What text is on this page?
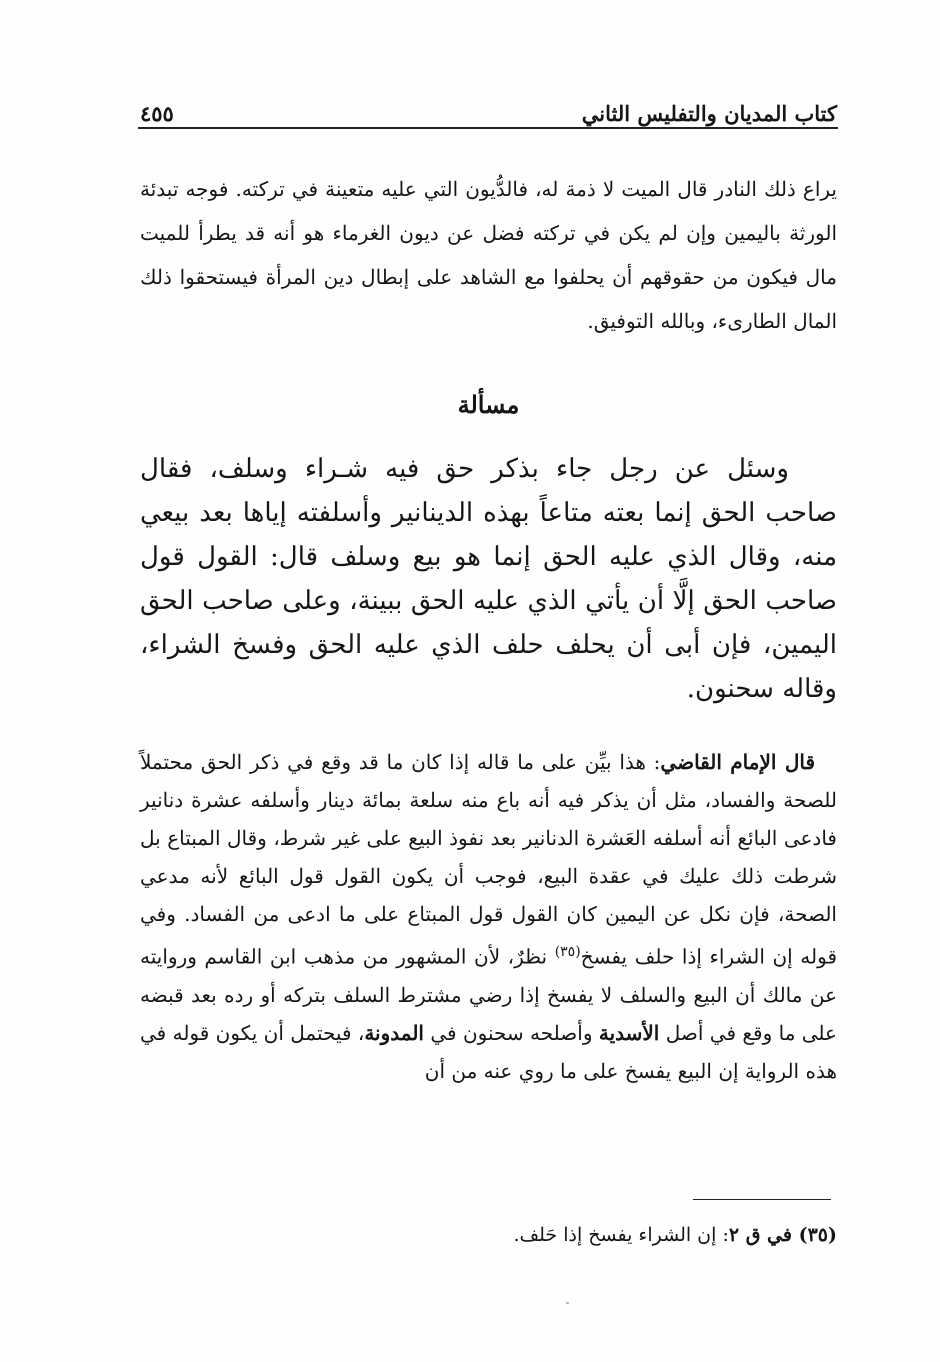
كتاب المديان والتفليس الثاني
٤٥٥

يراع ذلك النادر قال الميت لا ذمة له، فالدُّيون التي عليه متعينة في تركته. فوجه تبدئة الورثة باليمين وإن لم يكن في تركته فضل عن ديون الغرماء هو أنه قد يطرأ للميت مال فيكون من حقوقهم أن يحلفوا مع الشاهد على إبطال دين المرأة فيستحقوا ذلك المال الطارىء، وبالله التوفيق.

مسألة

وسئل عن رجل جاء بذكر حق فيه شـراء وسلف، فقال صاحب الحق إنما بعته متاعاً بهذه الدينانير وأسلفته إياها بعد بيعي منه، وقال الذي عليه الحق إنما هو بيع وسلف قال: القول قول صاحب الحق إلَّا أن يأتي الذي عليه الحق ببينة، وعلى صاحب الحق اليمين، فإن أبى أن يحلف حلف الذي عليه الحق وفسخ الشراء، وقاله سحنون.

قال الإمام القاضي: هذا بيِّن على ما قاله إذا كان ما قد وقع في ذكر الحق محتملاً للصحة والفساد، مثل أن يذكر فيه أنه باع منه سلعة بمائة دينار وأسلفه عشرة دنانير فادعى البائع أنه أسلفه العَشرة الدنانير بعد نفوذ البيع على غير شرط، وقال المبتاع بل شرطت ذلك عليك في عقدة البيع، فوجب أن يكون القول قول البائع لأنه مدعي الصحة، فإن نكل عن اليمين كان القول قول المبتاع على ما ادعى من الفساد. وفي قوله إن الشراء إذا حلف يفسخ$^{(٣٥)}$ نظرٌ، لأن المشهور من مذهب ابن القاسم وروايته عن مالك أن البيع والسلف لا يفسخ إذا رضي مشترط السلف بتركه أو رده بعد قبضه على ما وقع في أصل الأسدية وأصلحه سحنون في المدونة، فيحتمل أن يكون قوله في هذه الرواية إن البيع يفسخ على ما روي عنه من أن

(٣٥) في ق ٢: إن الشراء يفسخ إذا حَلف.
